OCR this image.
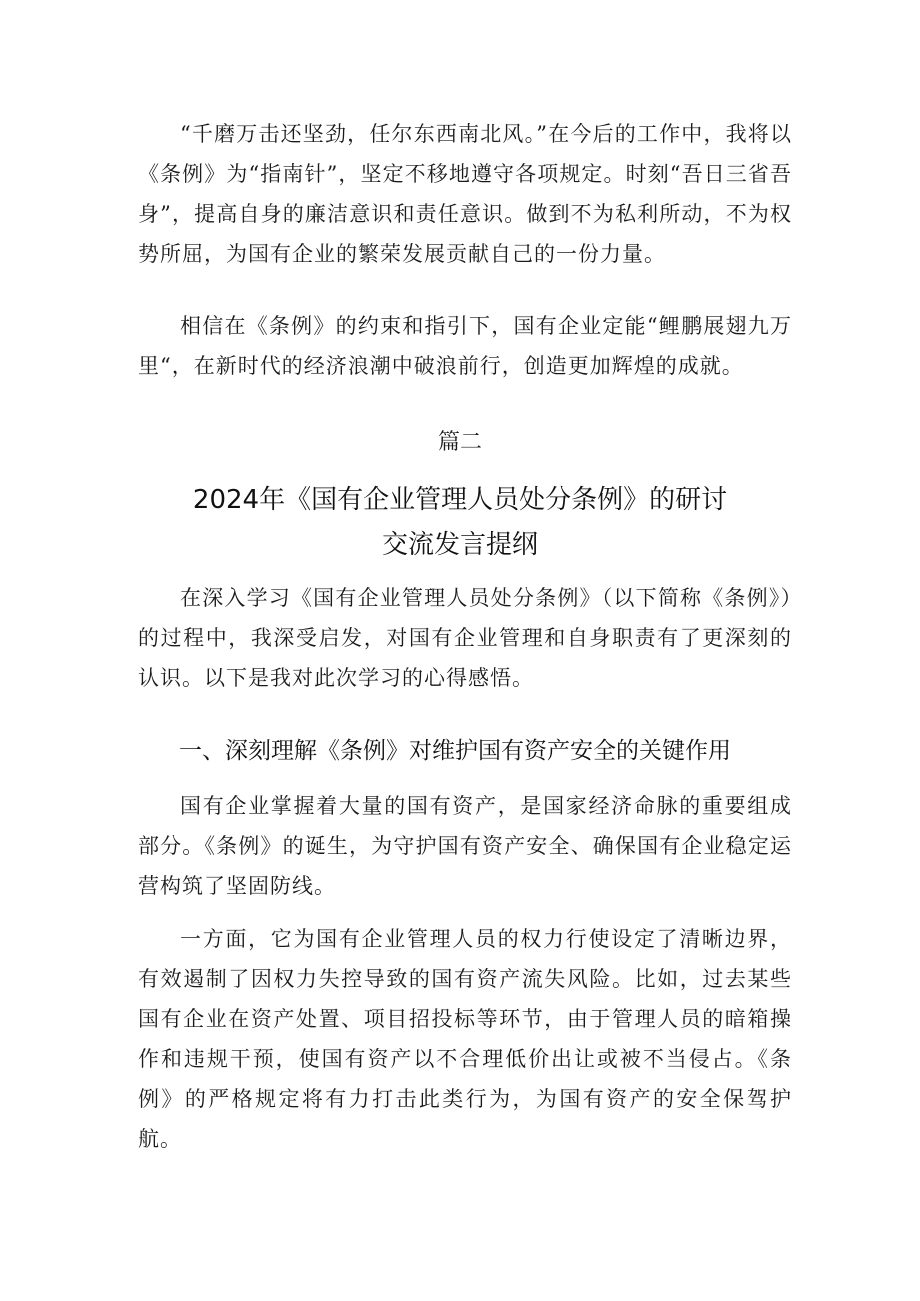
“千磨万击还坚劲，任尔东西南北风。”在今后的工作中，我将以《条例》为“指南针”，坚定不移地遵守各项规定。时刻“吾日三省吾身”，提高自身的廉洁意识和责任意识。做到不为私利所动，不为权势所屈，为国有企业的繁荣发展贡献自己的一份力量。

相信在《条例》的约束和指引下，国有企业定能“鲤鹏展翅九万里“，在新时代的经济浪潮中破浪前行，创造更加辉煌的成就。

篇二

2024年《国有企业管理人员处分条例》的研讨
交流发言提纲

在深入学习《国有企业管理人员处分条例》（以下简称《条例》）的过程中，我深受启发，对国有企业管理和自身职责有了更深刻的认识。以下是我对此次学习的心得感悟。

一、深刻理解《条例》对维护国有资产安全的关键作用

国有企业掌握着大量的国有资产，是国家经济命脉的重要组成部分。《条例》的诞生，为守护国有资产安全、确保国有企业稳定运营构筑了坚固防线。

一方面，它为国有企业管理人员的权力行使设定了清晰边界，有效遏制了因权力失控导致的国有资产流失风险。比如，过去某些国有企业在资产处置、项目招投标等环节，由于管理人员的暗箱操作和违规干预，使国有资产以不合理低价出让或被不当侵占。《条例》的严格规定将有力打击此类行为，为国有资产的安全保驾护航。
